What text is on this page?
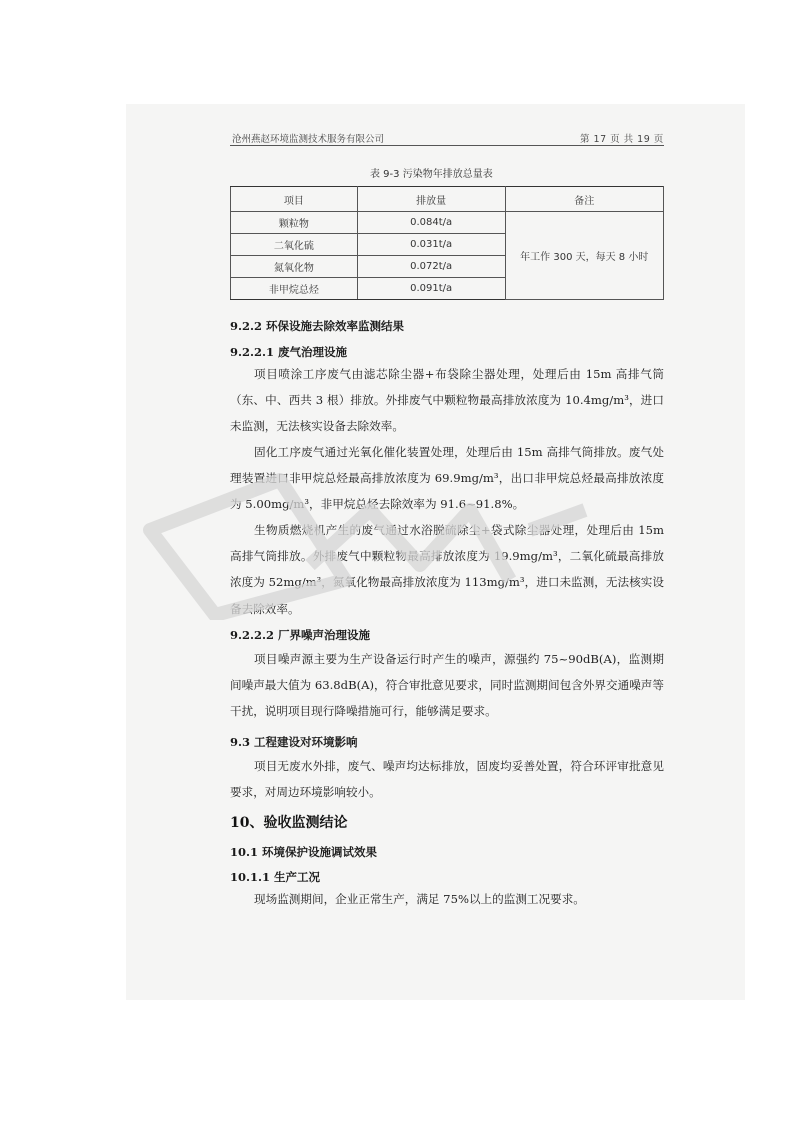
沧州燕赵环境监测技术服务有限公司	第 17 页 共 19 页
表 9-3 污染物年排放总量表
项目	排放量	备注
颗粒物	0.084t/a	年工作 300 天，每天 8 小时
二氧化硫	0.031t/a	
氮氧化物	0.072t/a	
非甲烷总烃	0.091t/a	
9.2.2 环保设施去除效率监测结果
9.2.2.1 废气治理设施

项目喷涂工序废气由滤芯除尘器+布袋除尘器处理，处理后由 15m 高排气筒（东、中、西共 3 根）排放。外排废气中颗粒物最高排放浓度为 10.4mg/m³，进口未监测，无法核实设备去除效率。

固化工序废气通过光氧化催化装置处理，处理后由 15m 高排气筒排放。废气处理装置进口非甲烷总烃最高排放浓度为 69.9mg/m³，出口非甲烷总烃最高排放浓度为 5.00mg/m³，非甲烷总烃去除效率为 91.6~91.8%。

生物质燃烧机产生的废气通过水浴脱硫除尘+袋式除尘器处理，处理后由 15m 高排气筒排放。外排废气中颗粒物最高排放浓度为 19.9mg/m³，二氧化硫最高排放浓度为 52mg/m³，氮氧化物最高排放浓度为 113mg/m³，进口未监测，无法核实设备去除效率。

9.2.2.2 厂界噪声治理设施

项目噪声源主要为生产设备运行时产生的噪声，源强约 75~90dB(A)，监测期间噪声最大值为 63.8dB(A)，符合审批意见要求，同时监测期间包含外界交通噪声等干扰，说明项目现行降噪措施可行，能够满足要求。

9.3 工程建设对环境影响

项目无废水外排，废气、噪声均达标排放，固废均妥善处置，符合环评审批意见要求，对周边环境影响较小。

10、验收监测结论
10.1 环境保护设施调试效果
10.1.1 生产工况

现场监测期间，企业正常生产，满足 75%以上的监测工况要求。
